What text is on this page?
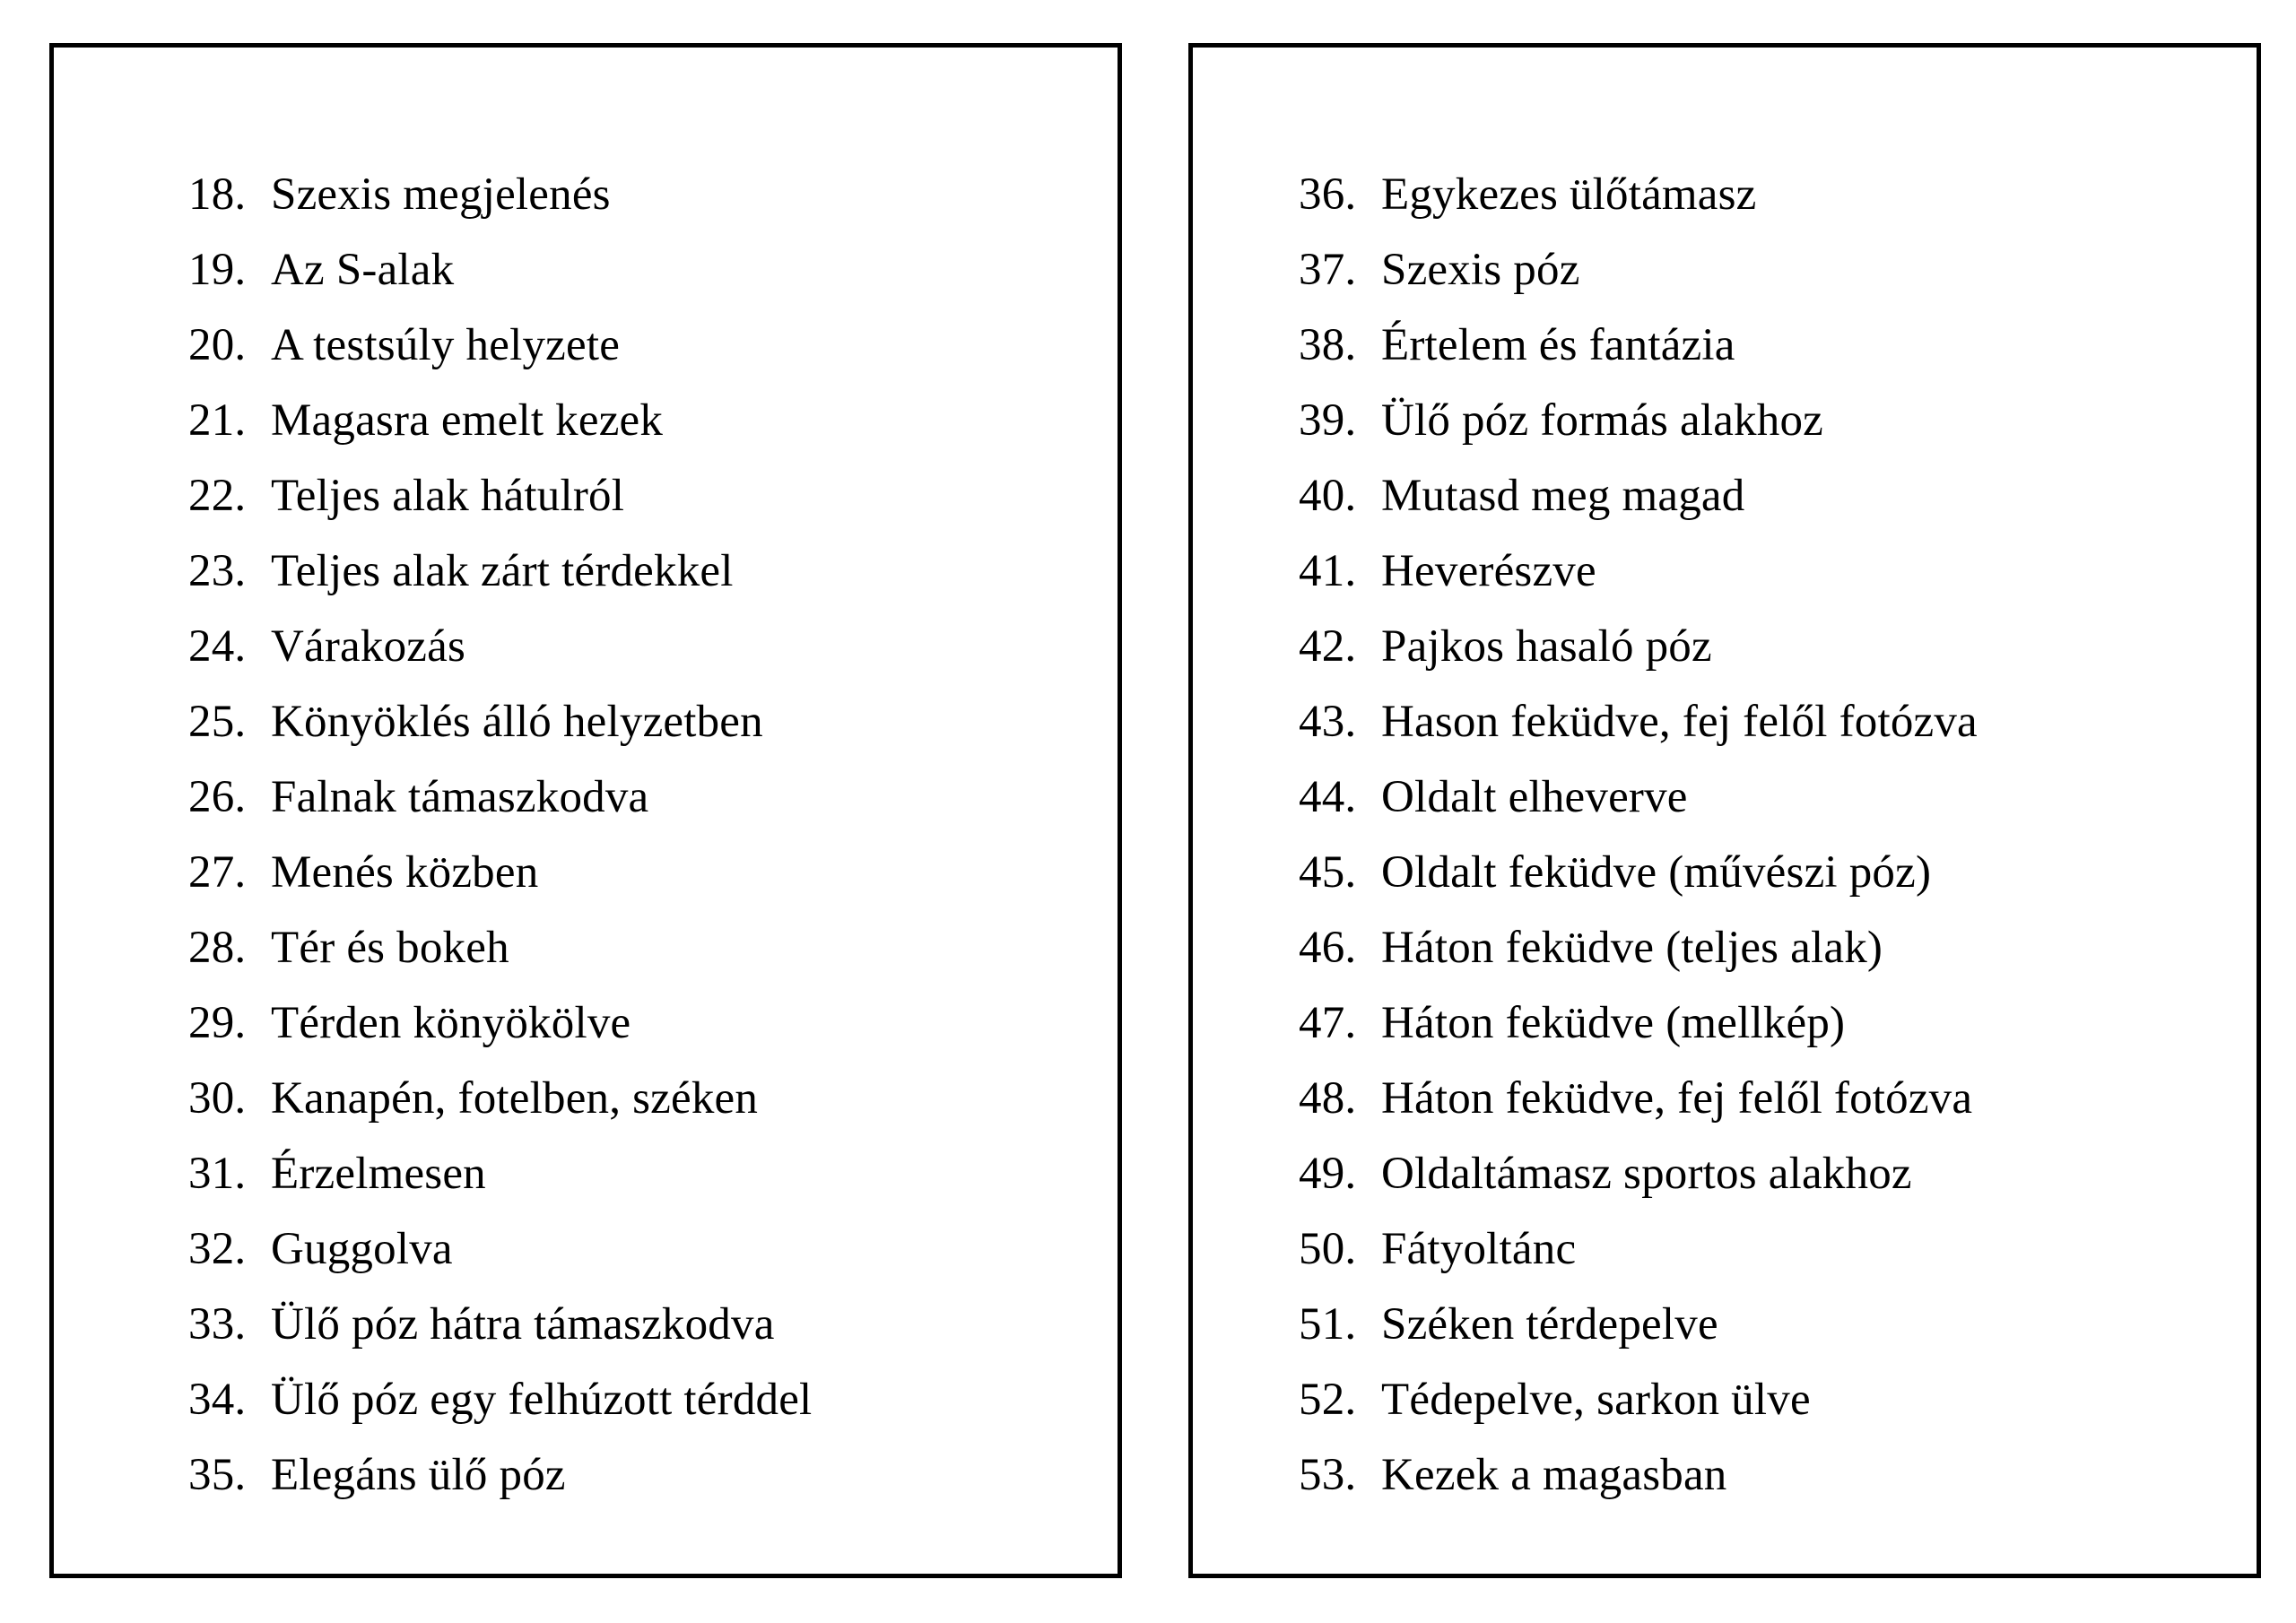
18. Szexis megjelenés
19. Az S-alak
20. A testsúly helyzete
21. Magasra emelt kezek
22. Teljes alak hátulról
23. Teljes alak zárt térdekkel
24. Várakozás
25. Könyöklés álló helyzetben
26. Falnak támaszkodva
27. Menés közben
28. Tér és bokeh
29. Térden könyökölve
30. Kanapén, fotelben, széken
31. Érzelmesen
32. Guggolva
33. Ülő póz hátra támaszkodva
34. Ülő póz egy felhúzott térddel
35. Elegáns ülő póz
36. Egykezes ülőtámasz
37. Szexis póz
38. Értelem és fantázia
39. Ülő póz formás alakhoz
40. Mutasd meg magad
41. Heverészve
42. Pajkos hasaló póz
43. Hason feküdve, fej felől fotózva
44. Oldalt elheverve
45. Oldalt feküdve (művészi póz)
46. Háton feküdve (teljes alak)
47. Háton feküdve (mellkép)
48. Háton feküdve, fej felől fotózva
49. Oldaltámasz sportos alakhoz
50. Fátyoltánc
51. Széken térdepelve
52. Tédepelve, sarkon ülve
53. Kezek a magasban
